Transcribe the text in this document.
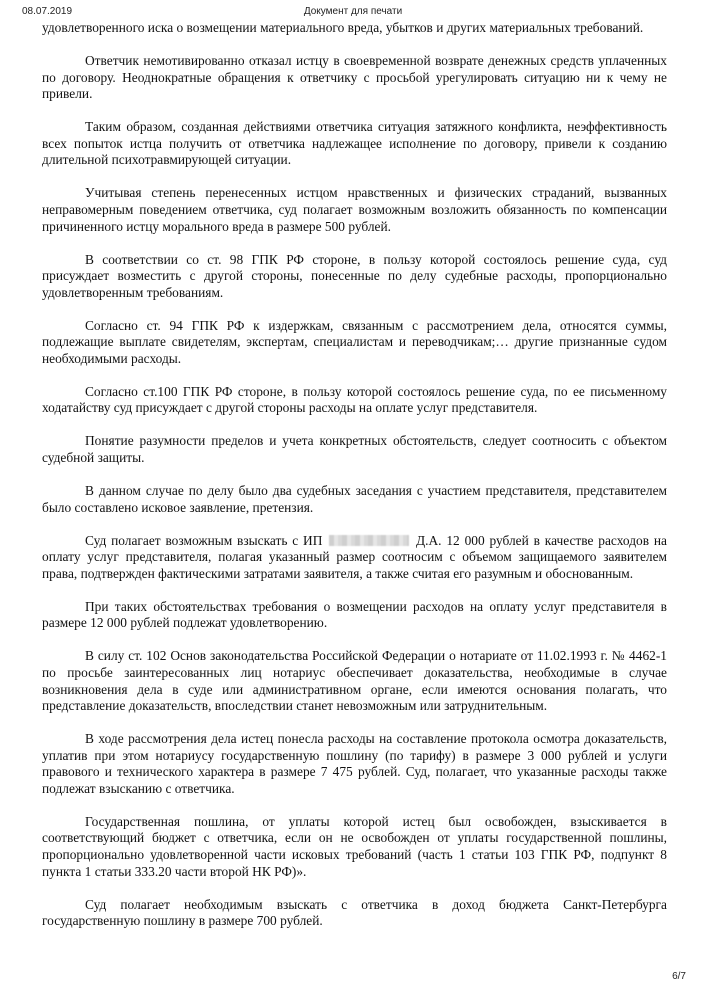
08.07.2019	Документ для печати

удовлетворенного иска о возмещении материального вреда, убытков и других материальных требований.

Ответчик немотивированно отказал истцу в своевременной возврате денежных средств уплаченных по договору. Неоднократные обращения к ответчику с просьбой урегулировать ситуацию ни к чему не привели.

Таким образом, созданная действиями ответчика ситуация затяжного конфликта, неэффективность всех попыток истца получить от ответчика надлежащее исполнение по договору, привели к созданию длительной психотравмирующей ситуации.

Учитывая степень перенесенных истцом нравственных и физических страданий, вызванных неправомерным поведением ответчика, суд полагает возможным возложить обязанность по компенсации причиненного истцу морального вреда в размере 500 рублей.

В соответствии со ст. 98 ГПК РФ стороне, в пользу которой состоялось решение суда, суд присуждает возместить с другой стороны, понесенные по делу судебные расходы, пропорционально удовлетворенным требованиям.

Согласно ст. 94 ГПК РФ к издержкам, связанным с рассмотрением дела, относятся суммы, подлежащие выплате свидетелям, экспертам, специалистам и переводчикам;… другие признанные судом необходимыми расходы.

Согласно ст.100 ГПК РФ стороне, в пользу которой состоялось решение суда, по ее письменному ходатайству суд присуждает с другой стороны расходы на оплате услуг представителя.

Понятие разумности пределов и учета конкретных обстоятельств, следует соотносить с объектом судебной защиты.

В данном случае по делу было два судебных заседания с участием представителя, представителем было составлено исковое заявление, претензия.

Суд полагает возможным взыскать с ИП	Д.А. 12 000 рублей в качестве расходов на оплату услуг представителя, полагая указанный размер соотносим с объемом защищаемого заявителем права, подтвержден фактическими затратами заявителя, а также считая его разумным и обоснованным.

При таких обстоятельствах требования о возмещении расходов на оплату услуг представителя в размере 12 000 рублей подлежат удовлетворению.

В силу ст. 102 Основ законодательства Российской Федерации о нотариате от 11.02.1993 г. № 4462-1 по просьбе заинтересованных лиц нотариус обеспечивает доказательства, необходимые в случае возникновения дела в суде или административном органе, если имеются основания полагать, что представление доказательств, впоследствии станет невозможным или затруднительным.

В ходе рассмотрения дела истец понесла расходы на составление протокола осмотра доказательств, уплатив при этом нотариусу государственную пошлину (по тарифу) в размере 3 000 рублей и услуги правового и технического характера в размере 7 475 рублей. Суд, полагает, что указанные расходы также подлежат взысканию с ответчика.

Государственная пошлина, от уплаты которой истец был освобожден, взыскивается в соответствующий бюджет с ответчика, если он не освобожден от уплаты государственной пошлины, пропорционально удовлетворенной части исковых требований (часть 1 статьи 103 ГПК РФ, подпункт 8 пункта 1 статьи 333.20 части второй НК РФ)».

Суд полагает необходимым взыскать с ответчика в доход бюджета Санкт-Петербурга государственную пошлину в размере 700 рублей.

6/7
